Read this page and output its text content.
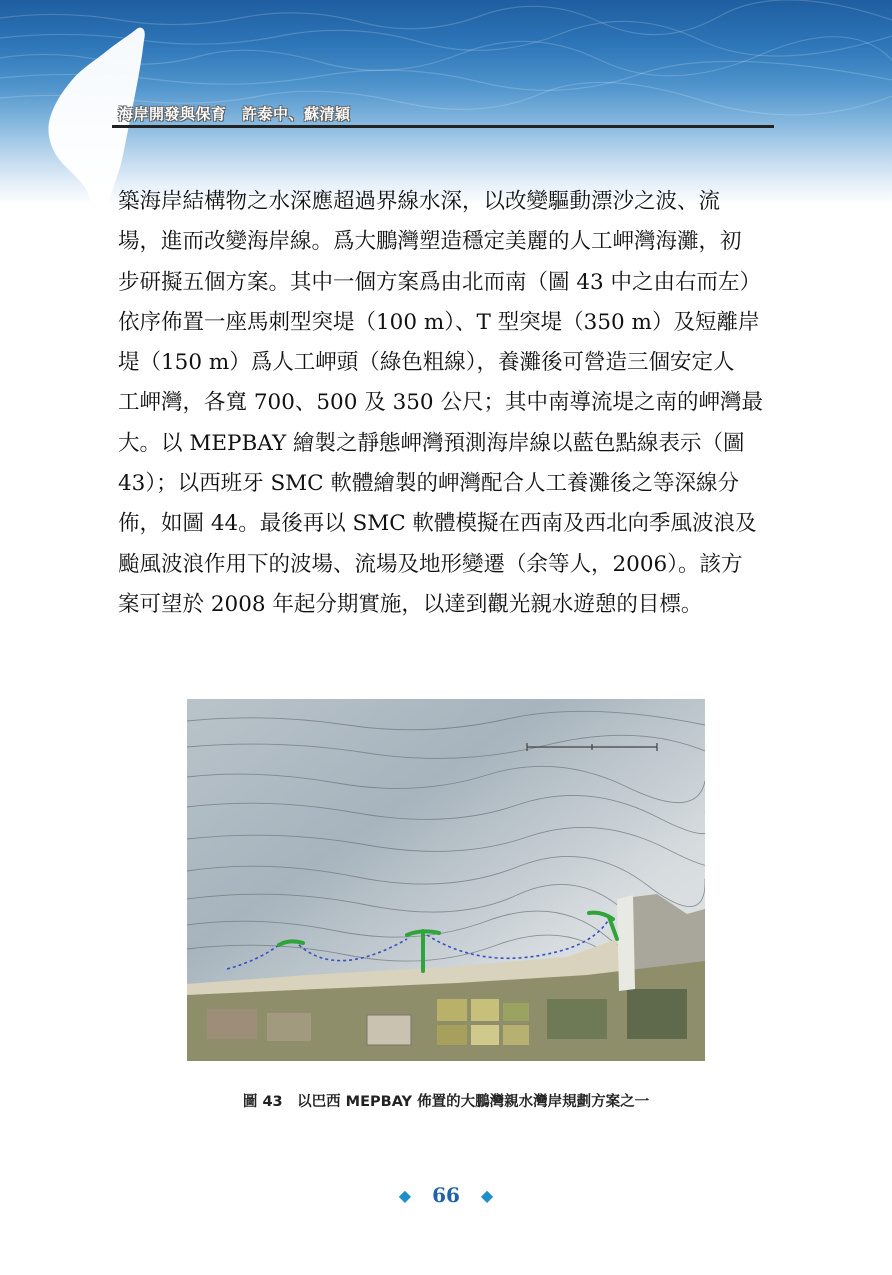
海岸開發與保育　許泰中、蘇清穎
築海岸結構物之水深應超過界線水深，以改變驅動漂沙之波、流
場，進而改變海岸線。爲大鵬灣塑造穩定美麗的人工岬灣海灘，初
步研擬五個方案。其中一個方案爲由北而南（圖 43 中之由右而左）
依序佈置一座馬刺型突堤（100 m）、T 型突堤（350 m）及短離岸
堤（150 m）爲人工岬頭（綠色粗線），養灘後可營造三個安定人
工岬灣，各寬 700、500 及 350 公尺；其中南導流堤之南的岬灣最
大。以 MEPBAY 繪製之靜態岬灣預測海岸線以藍色點線表示（圖
43）；以西班牙 SMC 軟體繪製的岬灣配合人工養灘後之等深線分
佈，如圖 44。最後再以 SMC 軟體模擬在西南及西北向季風波浪及
颱風波浪作用下的波場、流場及地形變遷（余等人，2006）。該方
案可望於 2008 年起分期實施，以達到觀光親水遊憩的目標。
圖 43　以巴西 MEPBAY 佈置的大鵬灣親水灣岸規劃方案之一
◆ 66 ◆
